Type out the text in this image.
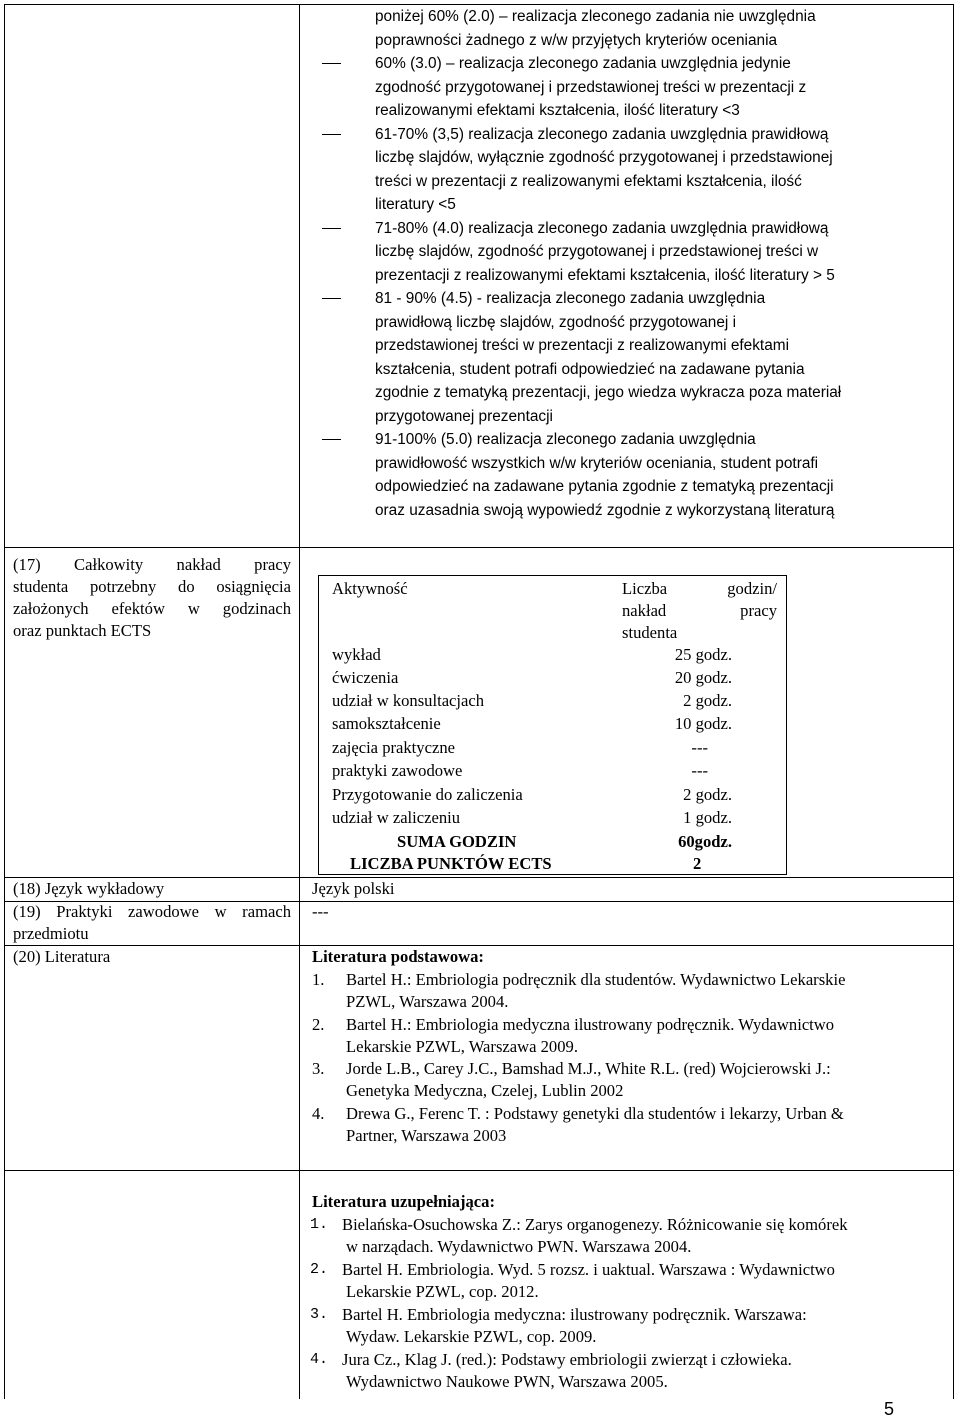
poniżej 60% (2.0) – realizacja zleconego zadania nie uwzględnia
poprawności żadnego z w/w przyjętych kryteriów oceniania
60% (3.0) – realizacja zleconego zadania uwzględnia jedynie
zgodność przygotowanej i przedstawionej treści w prezentacji z
realizowanymi efektami kształcenia, ilość literatury <3
61-70% (3,5) realizacja zleconego zadania uwzględnia prawidłową
liczbę slajdów, wyłącznie zgodność przygotowanej i przedstawionej
treści w prezentacji z realizowanymi efektami kształcenia, ilość
literatury <5
71-80% (4.0) realizacja zleconego zadania uwzględnia prawidłową
liczbę slajdów, zgodność przygotowanej i przedstawionej treści w
prezentacji z realizowanymi efektami kształcenia, ilość literatury > 5
81 - 90% (4.5) - realizacja zleconego zadania uwzględnia
prawidłową liczbę slajdów, zgodność przygotowanej i
przedstawionej treści w prezentacji z realizowanymi efektami
kształcenia, student potrafi odpowiedzieć na zadawane pytania
zgodnie z tematyką prezentacji, jego wiedza wykracza poza materiał
przygotowanej prezentacji
91-100% (5.0) realizacja zleconego zadania uwzględnia
prawidłowość wszystkich w/w kryteriów oceniania, student potrafi
odpowiedzieć na zadawane pytania zgodnie z tematyką prezentacji
oraz uzasadnia swoją wypowiedź zgodnie z wykorzystaną literaturą
(17) Całkowity nakład pracy
studenta potrzebny do osiągnięcia
założonych efektów w godzinach
oraz punktach ECTS
Aktywność	Liczba godzin/
nakład pracy
studenta
wykład	25 godz.
ćwiczenia	20 godz.
udział w konsultacjach	2 godz.
samokształcenie	10 godz.
zajęcia praktyczne	---
praktyki zawodowe	---
Przygotowanie do zaliczenia	2 godz.
udział w zaliczeniu	1 godz.
SUMA GODZIN	60godz.
LICZBA PUNKTÓW ECTS	2
(18) Język wykładowy	Język polski
(19) Praktyki zawodowe w ramach
przedmiotu
---
(20) Literatura	Literatura podstawowa:
1. Bartel H.: Embriologia podręcznik dla studentów. Wydawnictwo Lekarskie
PZWL, Warszawa 2004.
2. Bartel H.: Embriologia medyczna ilustrowany podręcznik. Wydawnictwo
Lekarskie PZWL, Warszawa 2009.
3. Jorde L.B., Carey J.C., Bamshad M.J., White R.L. (red) Wojcierowski J.:
Genetyka Medyczna, Czelej, Lublin 2002
4. Drewa G., Ferenc T. : Podstawy genetyki dla studentów i lekarzy, Urban &
Partner, Warszawa 2003
Literatura uzupełniająca:
1. Bielańska-Osuchowska Z.: Zarys organogenezy. Różnicowanie się komórek
w narządach. Wydawnictwo PWN. Warszawa 2004.
2. Bartel H. Embriologia. Wyd. 5 rozsz. i uaktual. Warszawa : Wydawnictwo
Lekarskie PZWL, cop. 2012.
3. Bartel H. Embriologia medyczna: ilustrowany podręcznik. Warszawa:
Wydaw. Lekarskie PZWL, cop. 2009.
4. Jura Cz., Klag J. (red.): Podstawy embriologii zwierząt i człowieka.
Wydawnictwo Naukowe PWN, Warszawa 2005.
5
